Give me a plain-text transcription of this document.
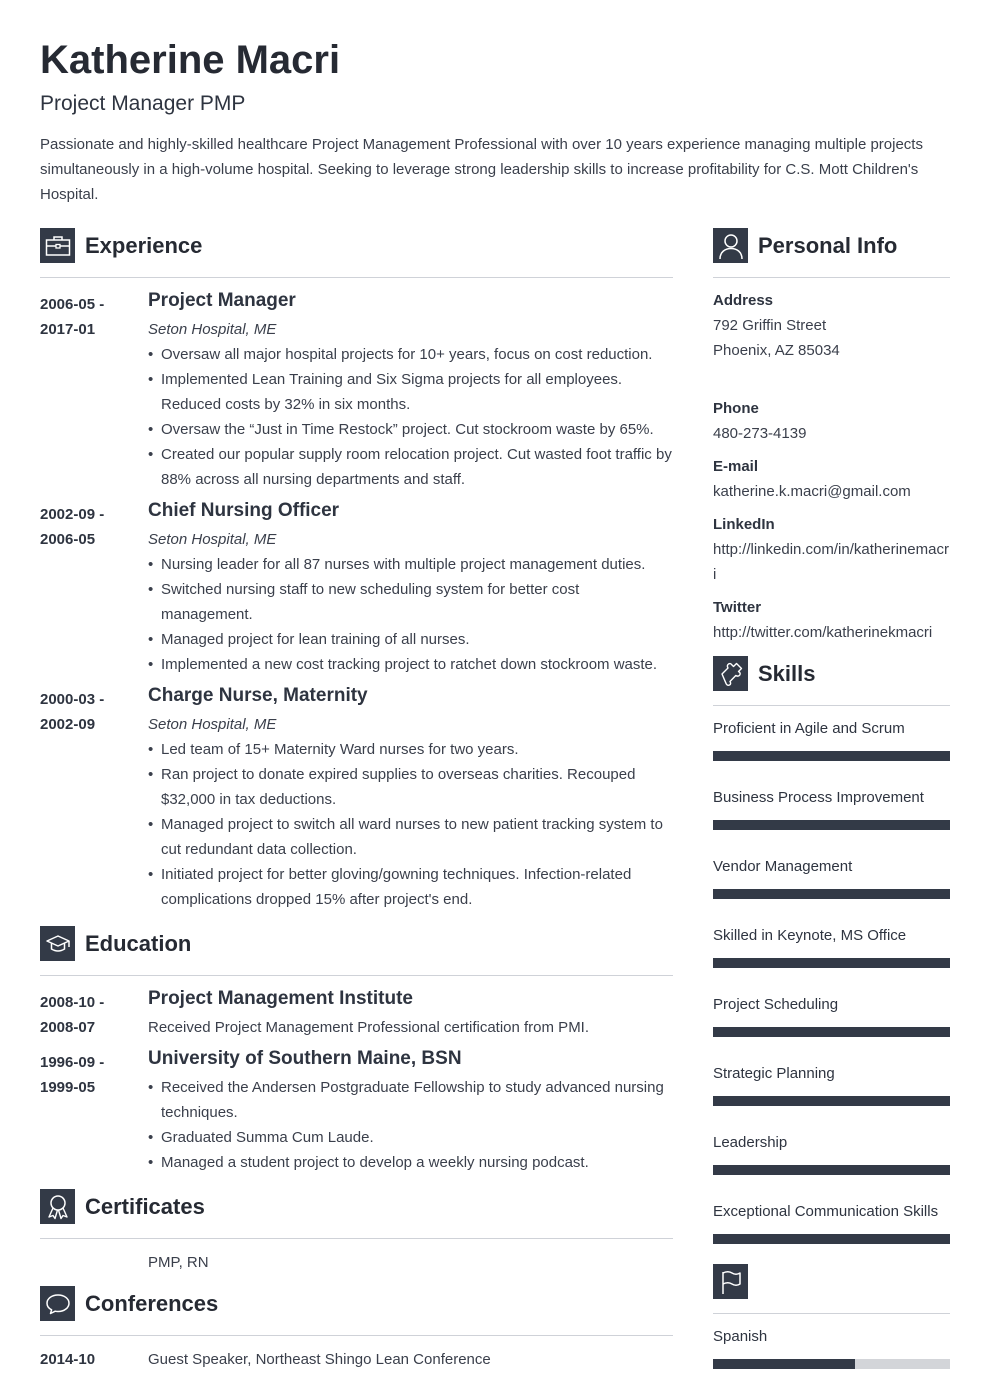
Katherine Macri
Project Manager PMP
Passionate and highly-skilled healthcare Project Management Professional with over 10 years experience managing multiple projects simultaneously in a high-volume hospital. Seeking to leverage strong leadership skills to increase profitability for C.S. Mott Children's Hospital.
Experience
2006-05 -
2017-01
Project Manager
Seton Hospital, ME
• Oversaw all major hospital projects for 10+ years, focus on cost reduction.
• Implemented Lean Training and Six Sigma projects for all employees. Reduced costs by 32% in six months.
• Oversaw the “Just in Time Restock” project. Cut stockroom waste by 65%.
• Created our popular supply room relocation project. Cut wasted foot traffic by 88% across all nursing departments and staff.
2002-09 -
2006-05
Chief Nursing Officer
Seton Hospital, ME
• Nursing leader for all 87 nurses with multiple project management duties.
• Switched nursing staff to new scheduling system for better cost management.
• Managed project for lean training of all nurses.
• Implemented a new cost tracking project to ratchet down stockroom waste.
2000-03 -
2002-09
Charge Nurse, Maternity
Seton Hospital, ME
• Led team of 15+ Maternity Ward nurses for two years.
• Ran project to donate expired supplies to overseas charities. Recouped $32,000 in tax deductions.
• Managed project to switch all ward nurses to new patient tracking system to cut redundant data collection.
• Initiated project for better gloving/gowning techniques. Infection-related complications dropped 15% after project's end.
Education
2008-10 -
2008-07
Project Management Institute
Received Project Management Professional certification from PMI.
1996-09 -
1999-05
University of Southern Maine, BSN
• Received the Andersen Postgraduate Fellowship to study advanced nursing techniques.
• Graduated Summa Cum Laude.
• Managed a student project to develop a weekly nursing podcast.
Certificates
PMP, RN
Conferences
2014-10	Guest Speaker, Northeast Shingo Lean Conference
Personal Info
Address
792 Griffin Street
Phoenix, AZ 85034
Phone
480-273-4139
E-mail
katherine.k.macri@gmail.com
LinkedIn
http://linkedin.com/in/katherinemacri
Twitter
http://twitter.com/katherinekmacri
Skills
Proficient in Agile and Scrum
Business Process Improvement
Vendor Management
Skilled in Keynote, MS Office
Project Scheduling
Strategic Planning
Leadership
Exceptional Communication Skills
Spanish
